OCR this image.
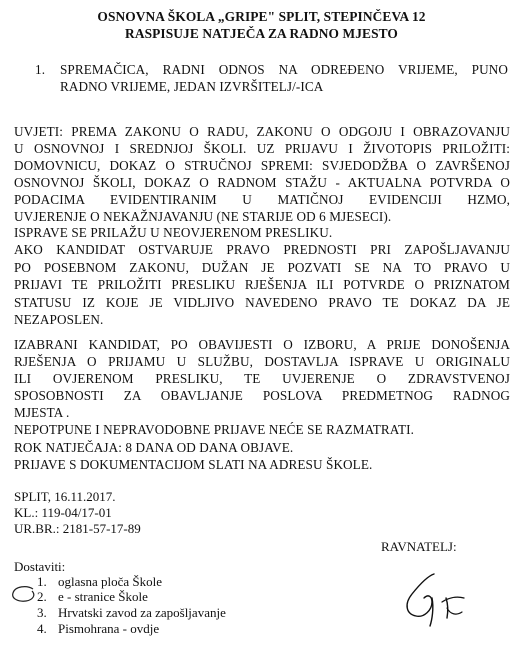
OSNOVNA ŠKOLA „GRIPE" SPLIT, STEPINČEVA 12
RASPISUJE NATJEČA ZA RADNO MJESTO
1. SPREMAČICA, RADNI ODNOS NA ODREĐENO VRIJEME, PUNO
RADNO VRIJEME, JEDAN IZVRŠITELJ/-ICA
UVJETI: PREMA ZAKONU O RADU, ZAKONU O ODGOJU I OBRAZOVANJU
U OSNOVNOJ I SREDNJOJ ŠKOLI. UZ PRIJAVU I ŽIVOTOPIS PRILOŽITI:
DOMOVNICU, DOKAZ O STRUČNOJ SPREMI: SVJEDODŽBA O ZAVRŠENOJ
OSNOVNOJ ŠKOLI, DOKAZ O RADNOM STAŽU - AKTUALNA POTVRDA O
PODACIMA EVIDENTIRANIM U MATIČNOJ EVIDENCIJI HZMO,
UVJERENJE O NEKAŽNJAVANJU (NE STARIJE OD 6 MJESECI).
ISPRAVE SE PRILAŽU U NEOVJERENOM PRESLIKU.
AKO KANDIDAT OSTVARUJE PRAVO PREDNOSTI PRI ZAPOŠLJAVANJU
PO POSEBNOM ZAKONU, DUŽAN JE POZVATI SE NA TO PRAVO U
PRIJAVI TE PRILOŽITI PRESLIKU RJEŠENJA ILI POTVRDE O PRIZNATOM
STATUSU IZ KOJE JE VIDLJIVO NAVEDENO PRAVO TE DOKAZ DA JE
NEZAPOSLEN.
IZABRANI KANDIDAT, PO OBAVIJESTI O IZBORU, A PRIJE DONOŠENJA
RJEŠENJA O PRIJAMU U SLUŽBU, DOSTAVLJA ISPRAVE U ORIGINALU
ILI OVJERENOM PRESLIKU, TE UVJERENJE O ZDRAVSTVENOJ
SPOSOBNOSTI ZA OBAVLJANJE POSLOVA PREDMETNOG RADNOG
MJESTA .
NEPOTPUNE I NEPRAVODOBNE PRIJAVE NEĆE SE RAZMATRATI.
ROK NATJEČAJA: 8 DANA OD DANA OBJAVE.
PRIJAVE S DOKUMENTACIJOM SLATI NA ADRESU ŠKOLE.
SPLIT, 16.11.2017.
KL.: 119-04/17-01
UR.BR.: 2181-57-17-89
RAVNATELJ:
Dostaviti:
1. oglasna ploča Škole
2. e - stranice Škole
3. Hrvatski zavod za zapošljavanje
4. Pismohrana - ovdje
